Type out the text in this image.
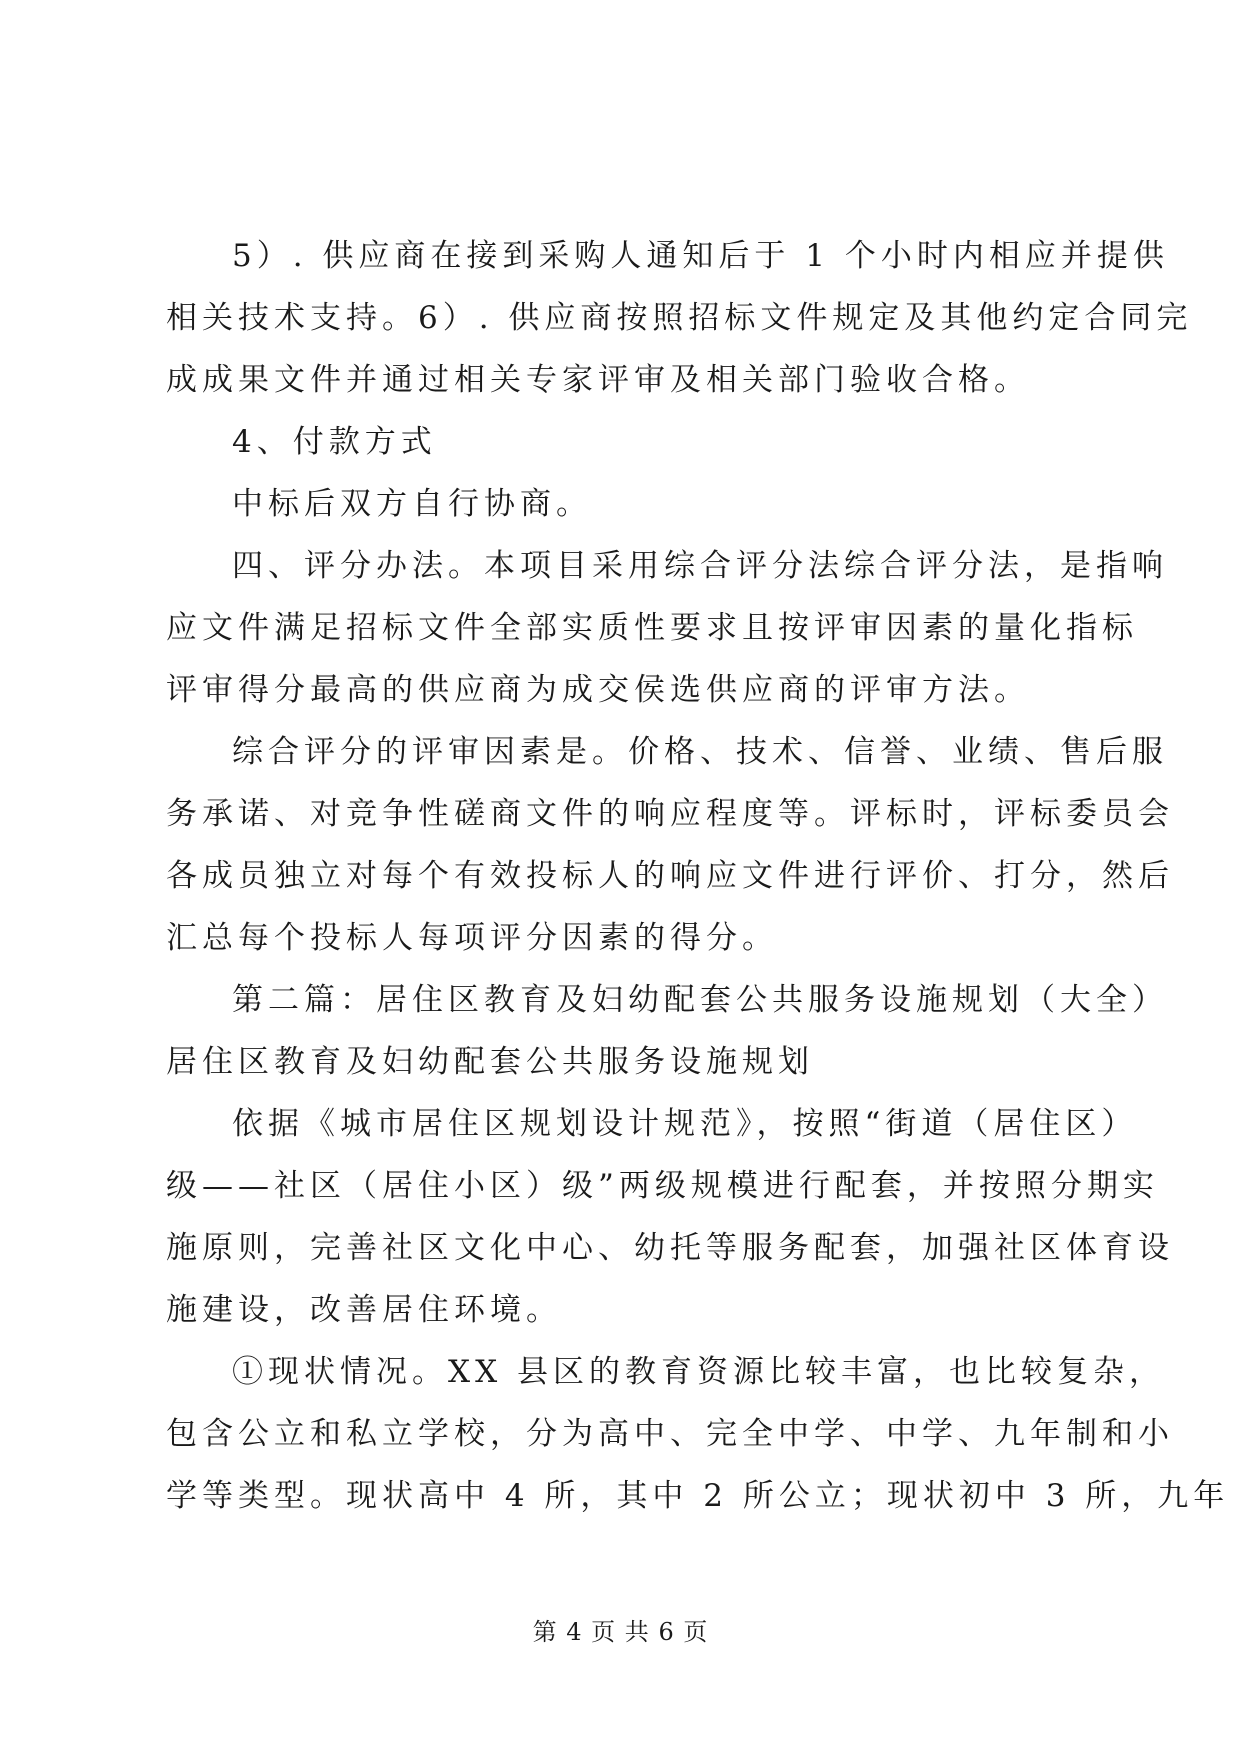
5）. 供应商在接到采购人通知后于 1 个小时内相应并提供
相关技术支持。6）. 供应商按照招标文件规定及其他约定合同完
成成果文件并通过相关专家评审及相关部门验收合格。
4、付款方式
中标后双方自行协商。
四、评分办法。本项目采用综合评分法综合评分法，是指响
应文件满足招标文件全部实质性要求且按评审因素的量化指标
评审得分最高的供应商为成交侯选供应商的评审方法。
综合评分的评审因素是。价格、技术、信誉、业绩、售后服
务承诺、对竞争性磋商文件的响应程度等。评标时，评标委员会
各成员独立对每个有效投标人的响应文件进行评价、打分，然后
汇总每个投标人每项评分因素的得分。
第二篇：居住区教育及妇幼配套公共服务设施规划（大全）
居住区教育及妇幼配套公共服务设施规划
依据《城市居住区规划设计规范》，按照“街道（居住区）
级——社区（居住小区）级”两级规模进行配套，并按照分期实
施原则，完善社区文化中心、幼托等服务配套，加强社区体育设
施建设，改善居住环境。
①现状情况。XX 县区的教育资源比较丰富，也比较复杂，
包含公立和私立学校，分为高中、完全中学、中学、九年制和小
学等类型。现状高中 4 所，其中 2 所公立；现状初中 3 所，九年
第 4 页 共 6 页
